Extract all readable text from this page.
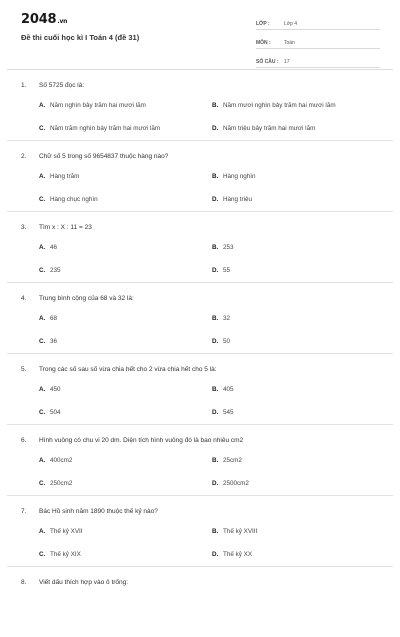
2048.vn
Đề thi cuối học kì I Toán 4 (đề 31)
LỚP :	Lớp 4
MÔN :	Toán
SỐ CÂU :	17
1. Số 5725 đọc là:
A. Năm nghìn bảy trăm hai mươi lăm	B. Năm mươi nghìn bảy trăm hai mươi lăm
C. Năm trăm nghìn bảy trăm hai mươi lăm	D. Năm triệu bảy trăm hai mươi lăm
2. Chữ số 5 trong số 9654837 thuộc hàng nào?
A. Hàng trăm	B. Hàng nghìn
C. Hàng chục nghìn	D. Hàng triệu
3. Tìm x : X : 11 = 23
A. 46	B. 253
C. 235	D. 55
4. Trung bình cộng của 68 và 32 là:
A. 68	B. 32
C. 36	D. 50
5. Trong các số sau số vừa chia hết cho 2 vừa chia hết cho 5 là:
A. 450	B. 405
C. 504	D. 545
6. Hình vuông có chu vi 20 dm. Diện tích hình vuông đó là bao nhiêu cm2
A. 400cm2	B. 25cm2
C. 250cm2	D. 2500cm2
7. Bác Hồ sinh năm 1890 thuộc thế kỷ nào?
A. Thế kỷ XVII	B. Thế kỷ XVIII
C. Thế kỷ XIX	D. Thế kỷ XX
8. Viết dấu thích hợp vào ô trống:
